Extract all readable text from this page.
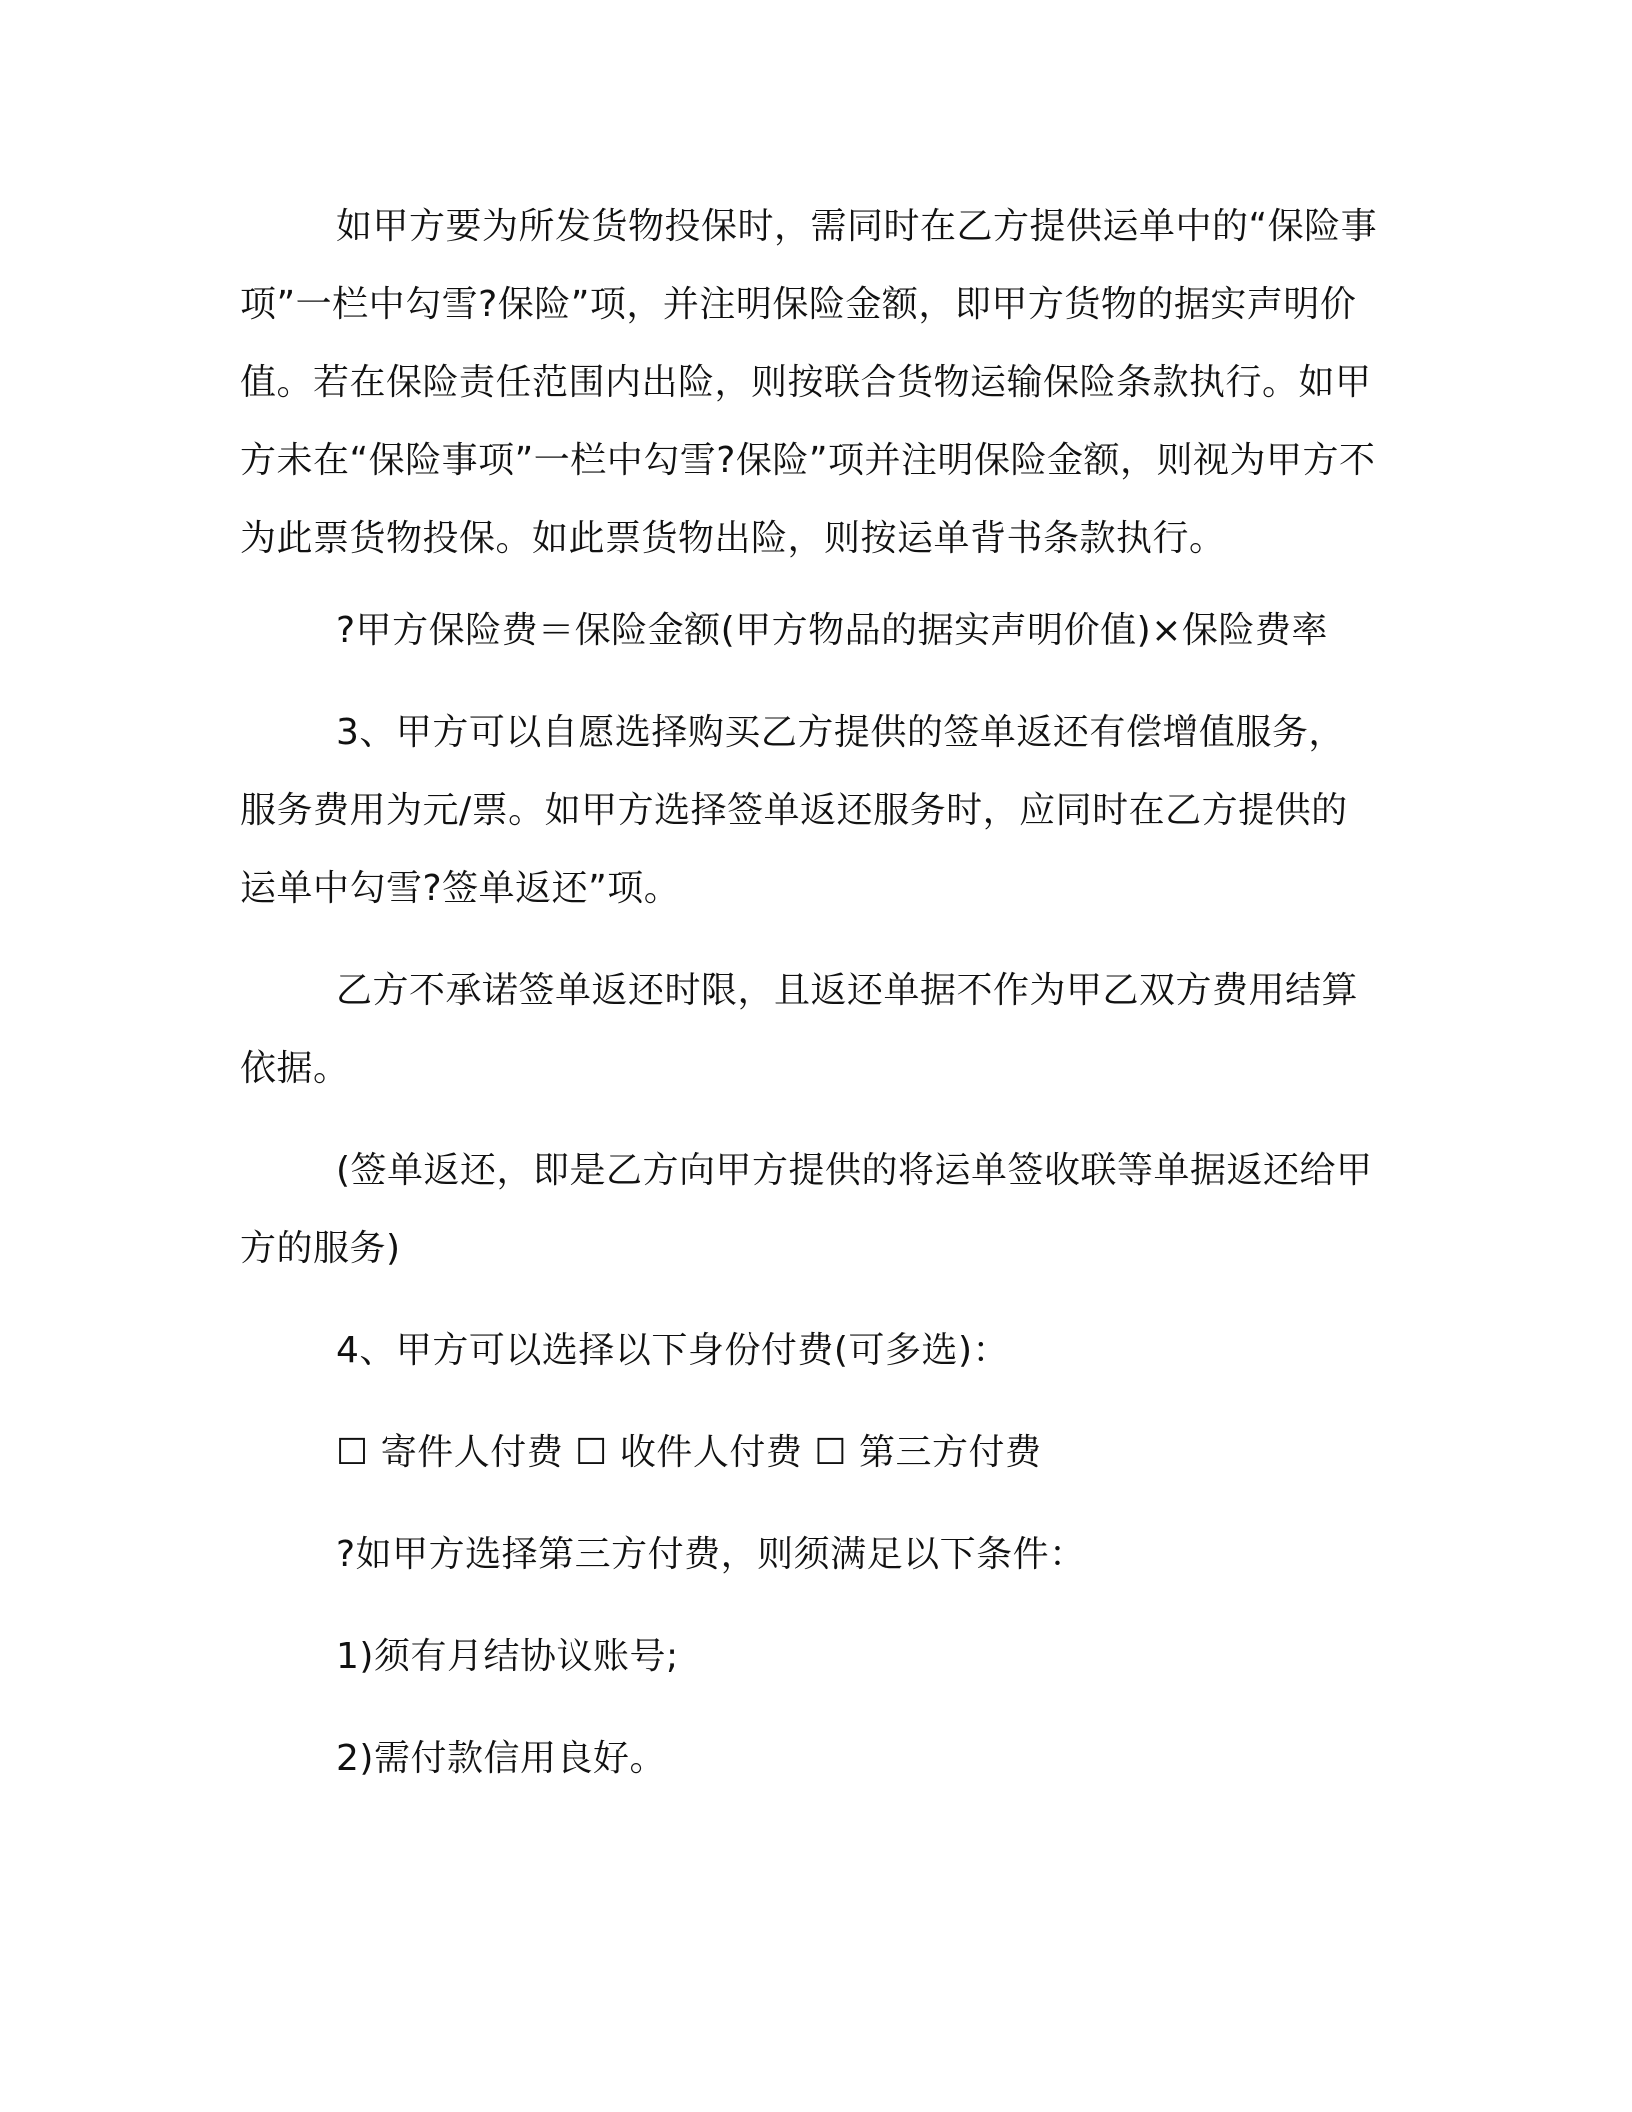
如甲方要为所发货物投保时，需同时在乙方提供运单中的“保险事项”一栏中勾雪?保险”项，并注明保险金额，即甲方货物的据实声明价值。若在保险责任范围内出险，则按联合货物运输保险条款执行。如甲方未在“保险事项”一栏中勾雪?保险”项并注明保险金额，则视为甲方不为此票货物投保。如此票货物出险，则按运单背书条款执行。

?甲方保险费＝保险金额(甲方物品的据实声明价值)×保险费率

3、甲方可以自愿选择购买乙方提供的签单返还有偿增值服务，服务费用为元/票。如甲方选择签单返还服务时，应同时在乙方提供的运单中勾雪?签单返还”项。

乙方不承诺签单返还时限，且返还单据不作为甲乙双方费用结算依据。

(签单返还，即是乙方向甲方提供的将运单签收联等单据返还给甲方的服务)

4、甲方可以选择以下身份付费(可多选)：

☐ 寄件人付费 ☐ 收件人付费 ☐ 第三方付费

?如甲方选择第三方付费，则须满足以下条件：

1)须有月结协议账号;

2)需付款信用良好。
